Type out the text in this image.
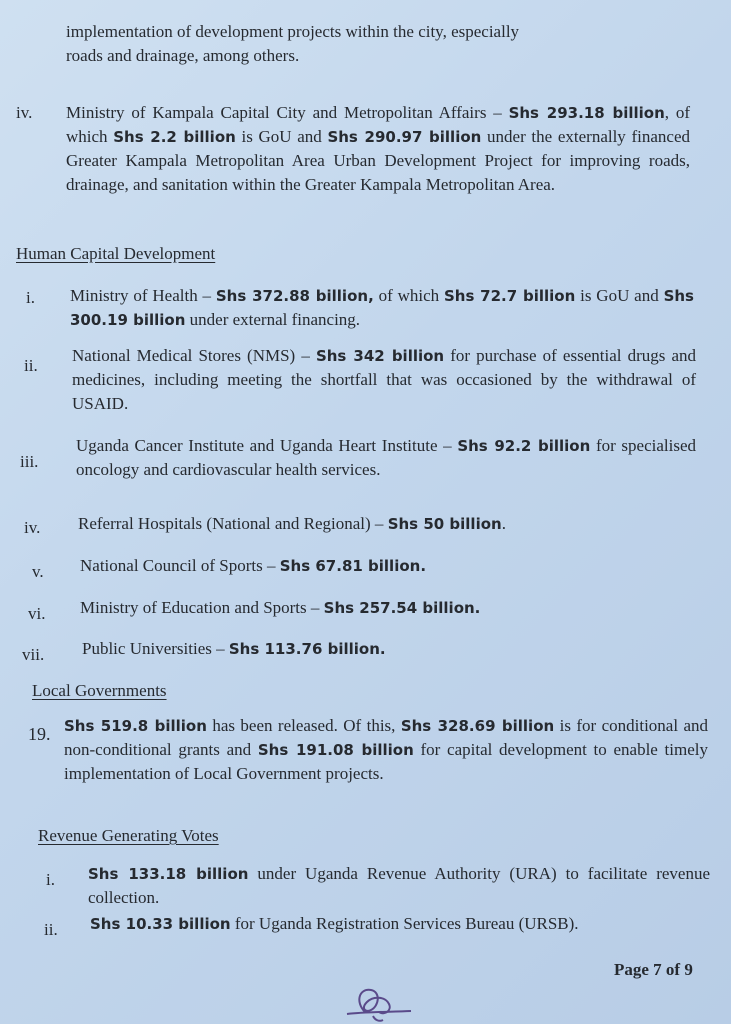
implementation of development projects within the city, especially
roads and drainage, among others.
iv. Ministry of Kampala Capital City and Metropolitan Affairs – Shs 293.18 billion, of which Shs 2.2 billion is GoU and Shs 290.97 billion under the externally financed Greater Kampala Metropolitan Area Urban Development Project for improving roads, drainage, and sanitation within the Greater Kampala Metropolitan Area.
Human Capital Development
i. Ministry of Health – Shs 372.88 billion, of which Shs 72.7 billion is GoU and Shs 300.19 billion under external financing.
ii.
National Medical Stores (NMS) – Shs 342 billion for purchase of essential drugs and medicines, including meeting the shortfall that was occasioned by the withdrawal of USAID.
iii.
Uganda Cancer Institute and Uganda Heart Institute – Shs 92.2 billion for specialised oncology and cardiovascular health services.
iv. Referral Hospitals (National and Regional) – Shs 50 billion.
v. National Council of Sports – Shs 67.81 billion.
vi. Ministry of Education and Sports – Shs 257.54 billion.
vii. Public Universities – Shs 113.76 billion.
Local Governments
19. Shs 519.8 billion has been released. Of this, Shs 328.69 billion is for conditional and non-conditional grants and Shs 191.08 billion for capital development to enable timely implementation of Local Government projects.
Revenue Generating Votes
i. Shs 133.18 billion under Uganda Revenue Authority (URA) to facilitate revenue collection.
ii. Shs 10.33 billion for Uganda Registration Services Bureau (URSB).
Page 7 of 9
